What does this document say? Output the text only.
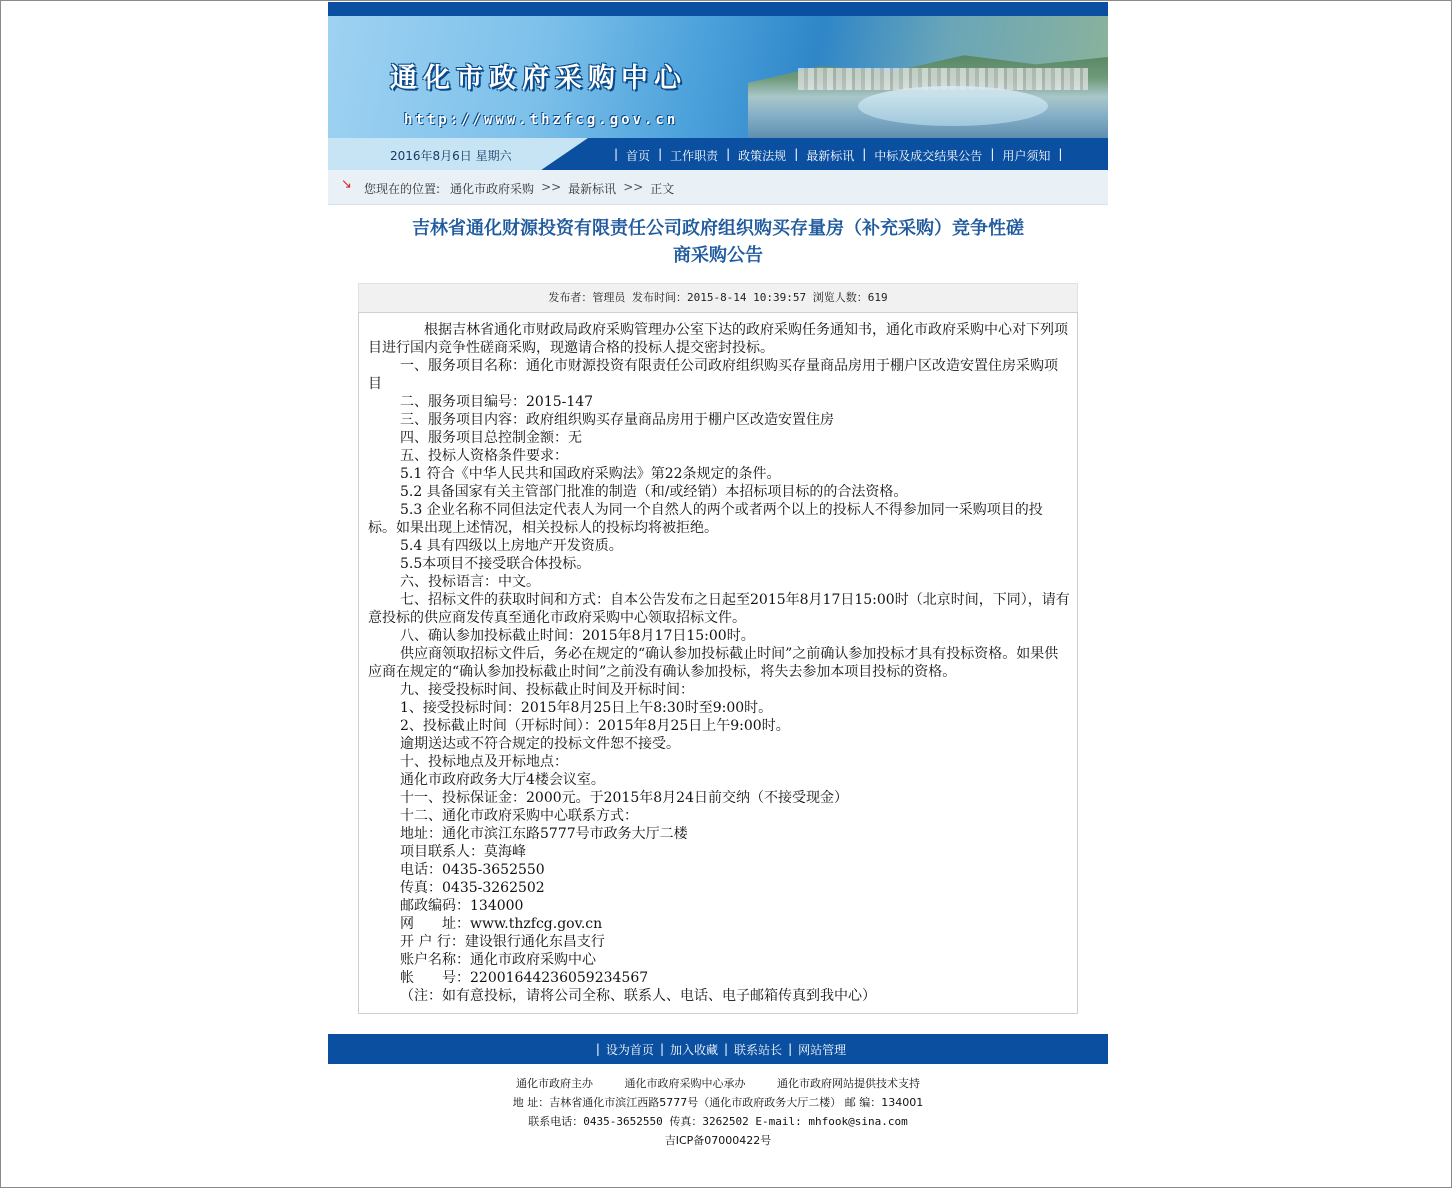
通化市政府采购中心
http://www.thzfcg.gov.cn
2016年8月6日 星期六	| 首页 | 工作职责 | 政策法规 | 最新标讯 | 中标及成交结果公告 | 用户须知 |
↘ 您现在的位置: 通化市政府采购 >> 最新标讯 >> 正文
吉林省通化财源投资有限责任公司政府组织购买存量房（补充采购）竞争性磋
商采购公告
发布者：管理员 发布时间：2015-8-14 10:39:57 浏览人数：619

根据吉林省通化市财政局政府采购管理办公室下达的政府采购任务通知书，通化市政府采购中心对下列项目进行国内竞争性磋商采购，现邀请合格的投标人提交密封投标。

一、服务项目名称：通化市财源投资有限责任公司政府组织购买存量商品房用于棚户区改造安置住房采购项目

二、服务项目编号：2015-147

三、服务项目内容：政府组织购买存量商品房用于棚户区改造安置住房

四、服务项目总控制金额：无

五、投标人资格条件要求：

5.1 符合《中华人民共和国政府采购法》第22条规定的条件。

5.2 具备国家有关主管部门批准的制造（和/或经销）本招标项目标的的合法资格。

5.3 企业名称不同但法定代表人为同一个自然人的两个或者两个以上的投标人不得参加同一采购项目的投标。如果出现上述情况，相关投标人的投标均将被拒绝。

5.4 具有四级以上房地产开发资质。

5.5本项目不接受联合体投标。

六、投标语言：中文。

七、招标文件的获取时间和方式：自本公告发布之日起至2015年8月17日15:00时（北京时间，下同），请有意投标的供应商发传真至通化市政府采购中心领取招标文件。

八、确认参加投标截止时间：2015年8月17日15:00时。

供应商领取招标文件后，务必在规定的“确认参加投标截止时间”之前确认参加投标才具有投标资格。如果供应商在规定的“确认参加投标截止时间”之前没有确认参加投标，将失去参加本项目投标的资格。

九、接受投标时间、投标截止时间及开标时间：

1、接受投标时间：2015年8月25日上午8:30时至9:00时。

2、投标截止时间（开标时间）：2015年8月25日上午9:00时。

逾期送达或不符合规定的投标文件恕不接受。

十、投标地点及开标地点：

通化市政府政务大厅4楼会议室。

十一、投标保证金：2000元。于2015年8月24日前交纳（不接受现金）

十二、通化市政府采购中心联系方式：

地址：通化市滨江东路5777号市政务大厅二楼

项目联系人：莫海峰

电话：0435-3652550

传真：0435-3262502

邮政编码：134000

网　　址：www.thzfcg.gov.cn

开 户 行：建设银行通化东昌支行

账户名称：通化市政府采购中心

帐　　号：22001644236059234567

（注：如有意投标，请将公司全称、联系人、电话、电子邮箱传真到我中心）

| 设为首页 | 加入收藏 | 联系站长 | 网站管理
通化市政府主办	通化市政府采购中心承办	通化市政府网站提供技术支持
地 址：吉林省通化市滨江西路5777号（通化市政府政务大厅二楼） 邮 编：134001
联系电话：0435-3652550 传真：3262502 E-mail: mhfook@sina.com
吉ICP备07000422号
